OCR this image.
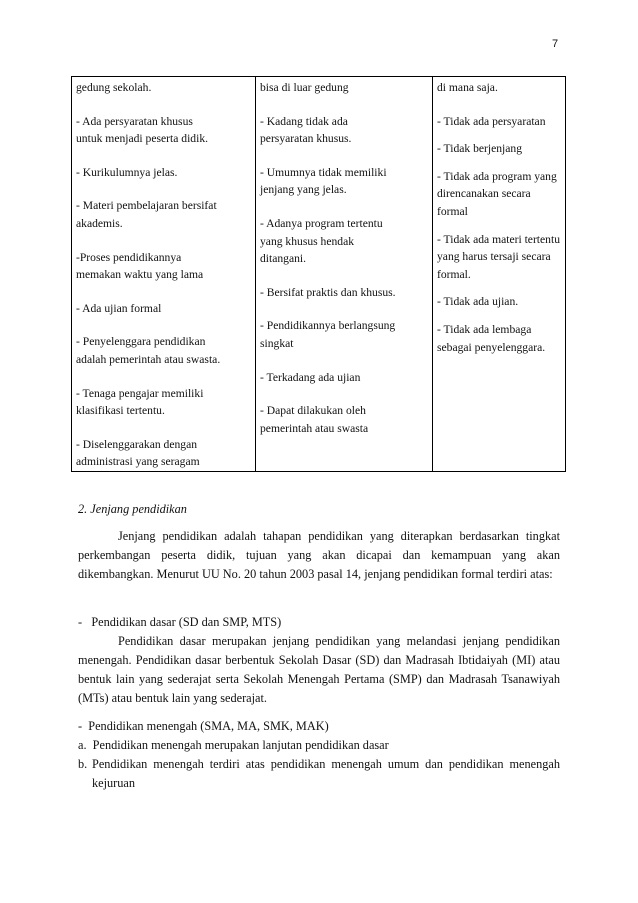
7
gedung sekolah.
- Ada persyaratan khusus
untuk menjadi peserta didik.
- Kurikulumnya jelas.
- Materi pembelajaran bersifat
akademis.
-Proses pendidikannya
memakan waktu yang lama
- Ada ujian formal
- Penyelenggara pendidikan
adalah pemerintah atau swasta.
- Tenaga pengajar memiliki
klasifikasi tertentu.
- Diselenggarakan dengan
administrasi yang seragam

bisa di luar gedung
- Kadang tidak ada
persyaratan khusus.
- Umumnya tidak memiliki
jenjang yang jelas.
- Adanya program tertentu
yang khusus hendak
ditangani.
- Bersifat praktis dan khusus.
- Pendidikannya berlangsung
singkat
- Terkadang ada ujian
- Dapat dilakukan oleh
pemerintah atau swasta

di mana saja.
- Tidak ada persyaratan
- Tidak berjenjang
- Tidak ada program yang
direncanakan secara formal
- Tidak ada materi tertentu
yang harus tersaji secara
formal.
- Tidak ada ujian.
- Tidak ada lembaga
sebagai penyelenggara.
2. Jenjang pendidikan
Jenjang pendidikan adalah tahapan pendidikan yang diterapkan berdasarkan tingkat perkembangan peserta didik, tujuan yang akan dicapai dan kemampuan yang akan dikembangkan. Menurut UU No. 20 tahun 2003 pasal 14, jenjang pendidikan formal terdiri atas:
-   Pendidikan dasar (SD dan SMP, MTS)
Pendidikan dasar merupakan jenjang pendidikan yang melandasi jenjang pendidikan menengah. Pendidikan dasar berbentuk Sekolah Dasar (SD) dan Madrasah Ibtidaiyah (MI) atau bentuk lain yang sederajat serta Sekolah Menengah Pertama (SMP) dan Madrasah Tsanawiyah (MTs) atau bentuk lain yang sederajat.
-  Pendidikan menengah (SMA, MA, SMK, MAK)
a.  Pendidikan menengah merupakan lanjutan pendidikan dasar
b. Pendidikan menengah terdiri atas pendidikan menengah umum dan pendidikan menengah kejuruan
